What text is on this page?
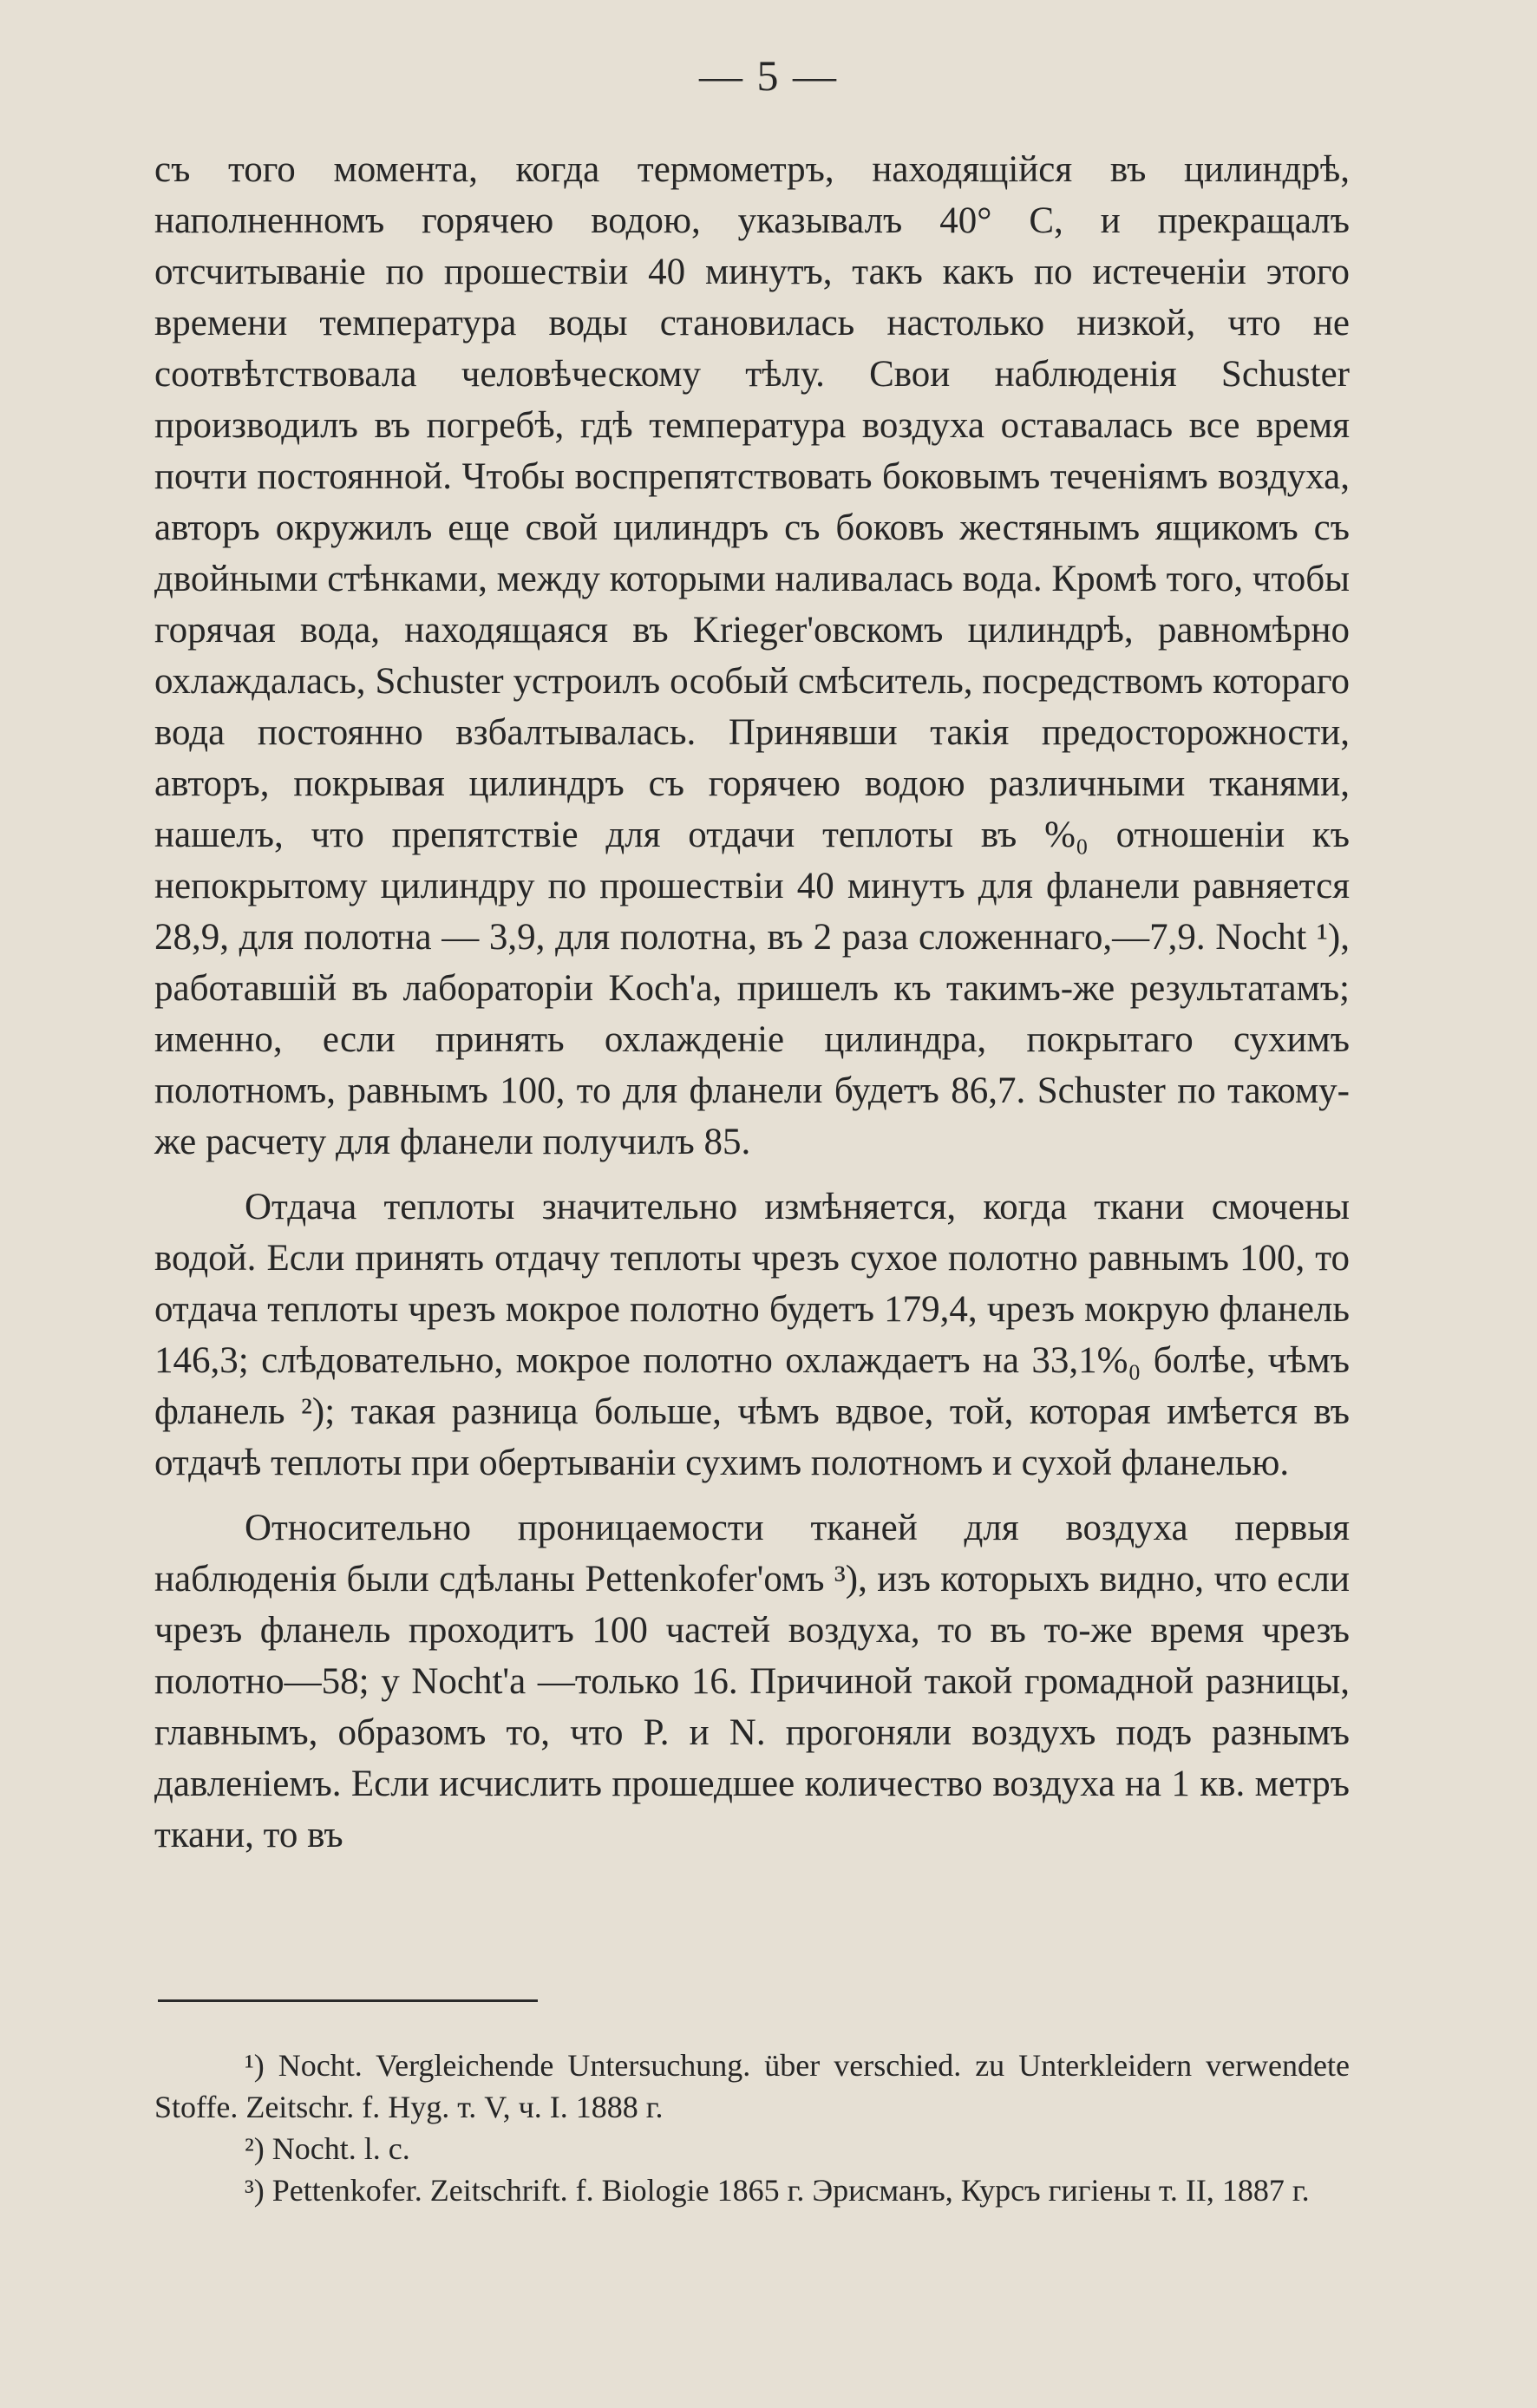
— 5 —

съ того момента, когда термометръ, находящійся въ цилиндрѣ, наполненномъ горячею водою, указывалъ 40° C, и прекращалъ отсчитываніе по прошествіи 40 минутъ, такъ какъ по истеченіи этого времени температура воды становилась настолько низкой, что не соотвѣтствовала человѣческому тѣлу. Свои наблюденія Schuster производилъ въ погребѣ, гдѣ температура воздуха оставалась все время почти постоянной. Чтобы воспрепятствовать боковымъ теченіямъ воздуха, авторъ окружилъ еще свой цилиндръ съ боковъ жестянымъ ящикомъ съ двойными стѣнками, между которыми наливалась вода. Кромѣ того, чтобы горячая вода, находящаяся въ Krieger'овскомъ цилиндрѣ, равномѣрно охлаждалась, Schuster устроилъ особый смѣситель, посредствомъ котораго вода постоянно взбалтывалась. Принявши такія предосторожности, авторъ, покрывая цилиндръ съ горячею водою различными тканями, нашелъ, что препятствіе для отдачи теплоты въ %₀ отношеніи къ непокрытому цилиндру по прошествіи 40 минутъ для фланели равняется 28,9, для полотна — 3,9, для полотна, въ 2 раза сложеннаго,—7,9. Nocht ¹), работавшій въ лабораторіи Koch'а, пришелъ къ такимъ-же результатамъ; именно, если принять охлажденіе цилиндра, покрытаго сухимъ полотномъ, равнымъ 100, то для фланели будетъ 86,7. Schuster по такому-же расчету для фланели получилъ 85.

Отдача теплоты значительно измѣняется, когда ткани смочены водой. Если принять отдачу теплоты чрезъ сухое полотно равнымъ 100, то отдача теплоты чрезъ мокрое полотно будетъ 179,4, чрезъ мокрую фланель 146,3; слѣдовательно, мокрое полотно охлаждаетъ на 33,1%₀ болѣе, чѣмъ фланель ²); такая разница больше, чѣмъ вдвое, той, которая имѣется въ отдачѣ теплоты при обертываніи сухимъ полотномъ и сухой фланелью.

Относительно проницаемости тканей для воздуха первыя наблюденія были сдѣланы Pettenkofer'омъ ³), изъ которыхъ видно, что если чрезъ фланель проходитъ 100 частей воздуха, то въ то-же время чрезъ полотно—58; у Nocht'а —только 16. Причиной такой громадной разницы, главнымъ, образомъ то, что P. и N. прогоняли воздухъ подъ разнымъ давленіемъ. Если исчислить прошедшее количество воздуха на 1 кв. метръ ткани, то въ

¹) Nocht. Vergleichende Untersuchung. über verschied. zu Unterkleidern verwendete Stoffe. Zeitschr. f. Hyg. т. V, ч. I. 1888 г.

²) Nocht. l. c.

³) Pettenkofer. Zeitschrift. f. Biologie 1865 г. Эрисманъ, Курсъ гигіены т. II, 1887 г.
